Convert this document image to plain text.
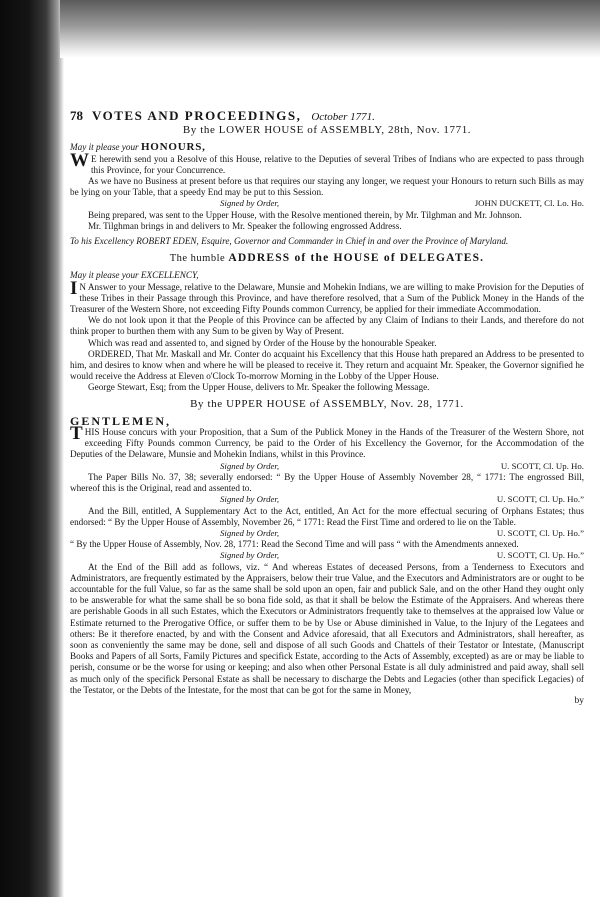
78 VOTES AND PROCEEDINGS, October 1771.
By the LOWER HOUSE of ASSEMBLY, 28th, Nov. 1771.
May it please your HONOURS,

WE herewith send you a Resolve of this House, relative to the Deputies of several Tribes of Indians who are expected to pass through this Province, for your Concurrence.

As we have no Business at present before us that requires our staying any longer, we request your Honours to return such Bills as may be lying on your Table, that a speedy End may be put to this Session.

Signed by Order,	JOHN DUCKETT, Cl. Lo. Ho.

Being prepared, was sent to the Upper House, with the Resolve mentioned therein, by Mr. Tilghman and Mr. Johnson.

Mr. Tilghman brings in and delivers to Mr. Speaker the following engrossed Address.

To his Excellency ROBERT EDEN, Esquire, Governor and Commander in Chief in and over the Province of Maryland.

The humble ADDRESS of the HOUSE of DELEGATES.
May it please your EXCELLENCY,

IN Answer to your Message, relative to the Delaware, Munsie and Mohekin Indians, we are willing to make Provision for the Deputies of these Tribes in their Passage through this Province, and have therefore resolved, that a Sum of the Publick Money in the Hands of the Treasurer of the Western Shore, not exceeding Fifty Pounds common Currency, be applied for their immediate Accommodation.

We do not look upon it that the People of this Province can be affected by any Claim of Indians to their Lands, and therefore do not think proper to burthen them with any Sum to be given by Way of Present.

Which was read and assented to, and signed by Order of the House by the honourable Speaker.

ORDERED, That Mr. Maskall and Mr. Conter do acquaint his Excellency that this House hath prepared an Address to be presented to him, and desires to know when and where he will be pleased to receive it. They return and acquaint Mr. Speaker, the Governor signified he would receive the Address at Eleven o'Clock To-morrow Morning in the Lobby of the Upper House.

George Stewart, Esq; from the Upper House, delivers to Mr. Speaker the following Message.

By the UPPER HOUSE of ASSEMBLY, Nov. 28, 1771.
GENTLEMEN,

THIS House concurs with your Proposition, that a Sum of the Publick Money in the Hands of the Treasurer of the Western Shore, not exceeding Fifty Pounds common Currency, be paid to the Order of his Excellency the Governor, for the Accommodation of the Deputies of the Delaware, Munsie and Mohekin Indians, whilst in this Province.

Signed by Order,	U. SCOTT, Cl. Up. Ho.

The Paper Bills No. 37, 38; severally endorsed: “ By the Upper House of Assembly November 28, “ 1771: The engrossed Bill, whereof this is the Original, read and assented to.

Signed by Order,	U. SCOTT, Cl. Up. Ho.”

And the Bill, entitled, A Supplementary Act to the Act, entitled, An Act for the more effectual securing of Orphans Estates; thus endorsed: “ By the Upper House of Assembly, November 26, “ 1771: Read the First Time and ordered to lie on the Table.

Signed by Order,	U. SCOTT, Cl. Up. Ho.”

“ By the Upper House of Assembly, Nov. 28, 1771: Read the Second Time and will pass “ with the Amendments annexed.

Signed by Order,	U. SCOTT, Cl. Up. Ho.”

At the End of the Bill add as follows, viz. “ And whereas Estates of deceased Persons, from a Tenderness to Executors and Administrators, are frequently estimated by the Appraisers, below their true Value, and the Executors and Administrators are or ought to be accountable for the full Value, so far as the same shall be sold upon an open, fair and publick Sale, and on the other Hand they ought only to be answerable for what the same shall be so bona fide sold, as that it shall be below the Estimate of the Appraisers. And whereas there are perishable Goods in all such Estates, which the Executors or Administrators frequently take to themselves at the appraised low Value or Estimate returned to the Prerogative Office, or suffer them to be by Use or Abuse diminished in Value, to the Injury of the Legatees and others: Be it therefore enacted, by and with the Consent and Advice aforesaid, that all Executors and Administrators, shall hereafter, as soon as conveniently the same may be done, sell and dispose of all such Goods and Chattels of their Testator or Intestate, (Manuscript Books and Papers of all Sorts, Family Pictures and specifick Estate, according to the Acts of Assembly, excepted) as are or may be liable to perish, consume or be the worse for using or keeping; and also when other Personal Estate is all duly administred and paid away, shall sell as much only of the specifick Personal Estate as shall be necessary to discharge the Debts and Legacies (other than specifick Legacies) of the Testator, or the Debts of the Intestate, for the most that can be got for the same in Money,

by
